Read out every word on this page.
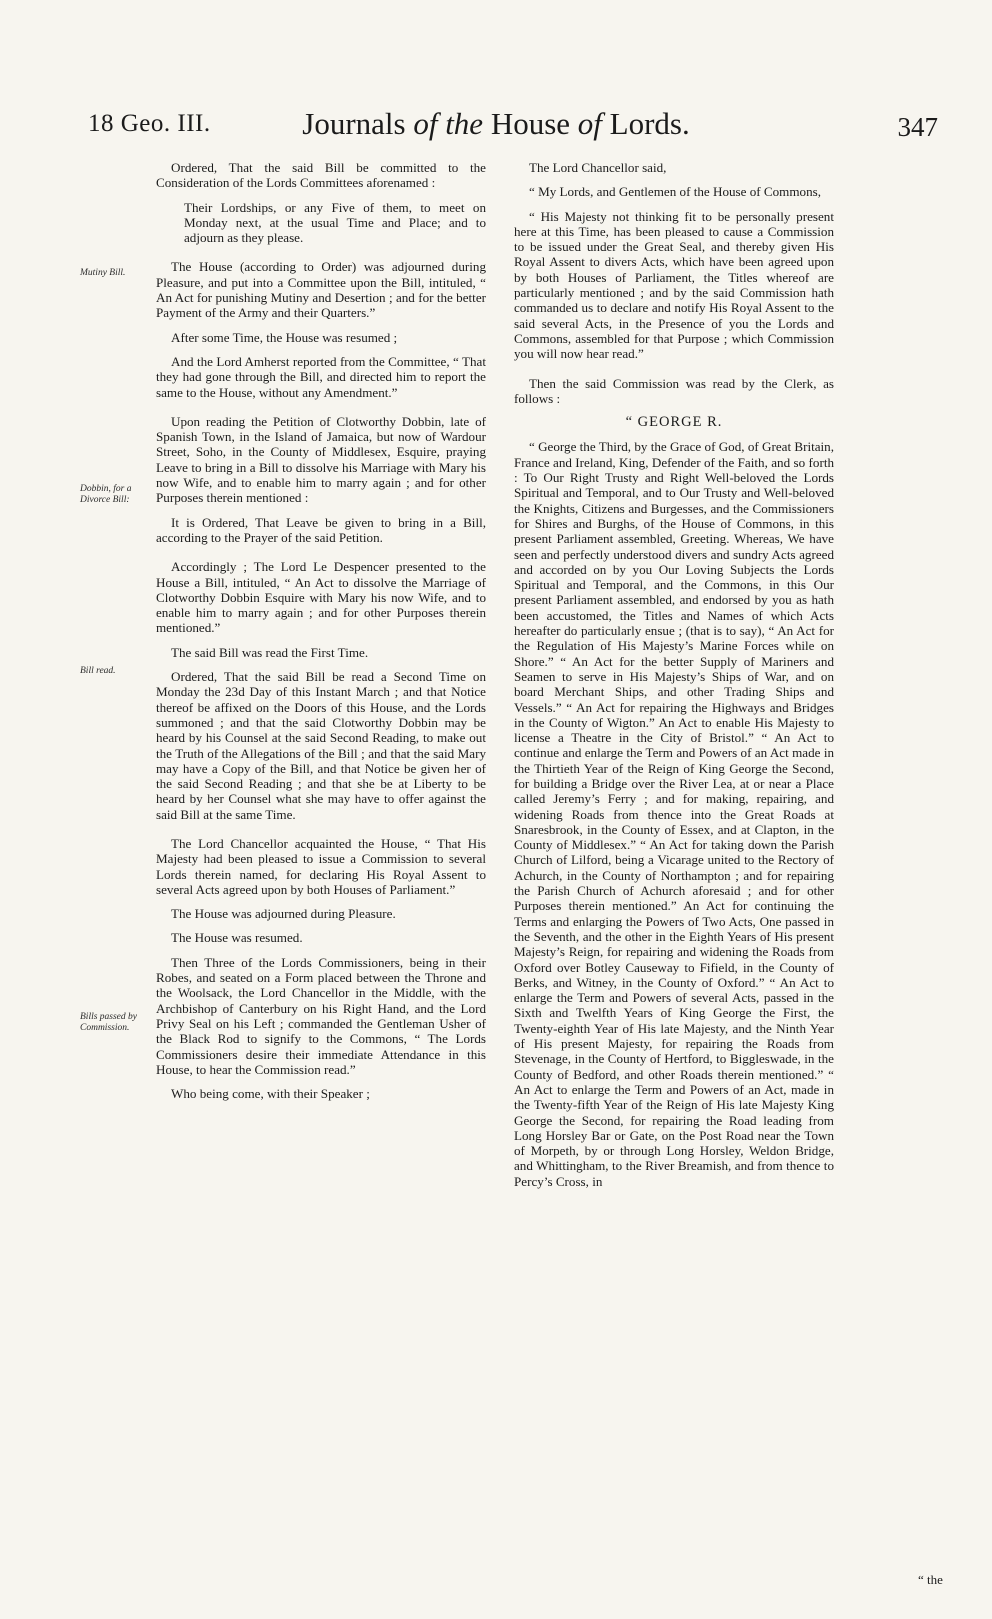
18 Geo. III.	Journals of the House of Lords.	347
Mutiny Bill.
Dobbin, for a Divorce Bill:
Bill read.
Bills passed by Commission.

Ordered, That the said Bill be committed to the Consideration of the Lords Committees aforenamed :

Their Lordships, or any Five of them, to meet on Monday next, at the usual Time and Place; and to adjourn as they please.

The House (according to Order) was adjourned during Pleasure, and put into a Committee upon the Bill, intituled, “ An Act for punishing Mutiny and Desertion ; and for the better Payment of the Army and their Quarters.”

After some Time, the House was resumed ;

And the Lord Amherst reported from the Committee, “ That they had gone through the Bill, and directed him to report the same to the House, without any Amendment.”

Upon reading the Petition of Clotworthy Dobbin, late of Spanish Town, in the Island of Jamaica, but now of Wardour Street, Soho, in the County of Middlesex, Esquire, praying Leave to bring in a Bill to dissolve his Marriage with Mary his now Wife, and to enable him to marry again ; and for other Purposes therein mentioned :

It is Ordered, That Leave be given to bring in a Bill, according to the Prayer of the said Petition.

Accordingly ; The Lord Le Despencer presented to the House a Bill, intituled, “ An Act to dissolve the Marriage of Clotworthy Dobbin Esquire with Mary his now Wife, and to enable him to marry again ; and for other Purposes therein mentioned.”

The said Bill was read the First Time.

Ordered, That the said Bill be read a Second Time on Monday the 23d Day of this Instant March ; and that Notice thereof be affixed on the Doors of this House, and the Lords summoned ; and that the said Clotworthy Dobbin may be heard by his Counsel at the said Second Reading, to make out the Truth of the Allegations of the Bill ; and that the said Mary may have a Copy of the Bill, and that Notice be given her of the said Second Reading ; and that she be at Liberty to be heard by her Counsel what she may have to offer against the said Bill at the same Time.

The Lord Chancellor acquainted the House, “ That His Majesty had been pleased to issue a Commission to several Lords therein named, for declaring His Royal Assent to several Acts agreed upon by both Houses of Parliament.”

The House was adjourned during Pleasure.

The House was resumed.

Then Three of the Lords Commissioners, being in their Robes, and seated on a Form placed between the Throne and the Woolsack, the Lord Chancellor in the Middle, with the Archbishop of Canterbury on his Right Hand, and the Lord Privy Seal on his Left ; commanded the Gentleman Usher of the Black Rod to signify to the Commons, “ The Lords Commissioners desire their immediate Attendance in this House, to hear the Commission read.”

Who being come, with their Speaker ;

The Lord Chancellor said,

“ My Lords, and Gentlemen of the House of Commons,

“ His Majesty not thinking fit to be personally present here at this Time, has been pleased to cause a Commission to be issued under the Great Seal, and thereby given His Royal Assent to divers Acts, which have been agreed upon by both Houses of Parliament, the Titles whereof are particularly mentioned ; and by the said Commission hath commanded us to declare and notify His Royal Assent to the said several Acts, in the Presence of you the Lords and Commons, assembled for that Purpose ; which Commission you will now hear read.”

Then the said Commission was read by the Clerk, as follows :

“ GEORGE R.

“ George the Third, by the Grace of God, of Great Britain, France and Ireland, King, Defender of the Faith, and so forth : To Our Right Trusty and Right Well-beloved the Lords Spiritual and Temporal, and to Our Trusty and Well-beloved the Knights, Citizens and Burgesses, and the Commissioners for Shires and Burghs, of the House of Commons, in this present Parliament assembled, Greeting. Whereas, We have seen and perfectly understood divers and sundry Acts agreed and accorded on by you Our Loving Subjects the Lords Spiritual and Temporal, and the Commons, in this Our present Parliament assembled, and endorsed by you as hath been accustomed, the Titles and Names of which Acts hereafter do particularly ensue ; (that is to say), “ An Act for the Regulation of His Majesty’s Marine Forces while on Shore.” “ An Act for the better Supply of Mariners and Seamen to serve in His Majesty’s Ships of War, and on board Merchant Ships, and other Trading Ships and Vessels.” “ An Act for repairing the Highways and Bridges in the County of Wigton.” An Act to enable His Majesty to license a Theatre in the City of Bristol.” “ An Act to continue and enlarge the Term and Powers of an Act made in the Thirtieth Year of the Reign of King George the Second, for building a Bridge over the River Lea, at or near a Place called Jeremy’s Ferry ; and for making, repairing, and widening Roads from thence into the Great Roads at Snaresbrook, in the County of Essex, and at Clapton, in the County of Middlesex.” “ An Act for taking down the Parish Church of Lilford, being a Vicarage united to the Rectory of Achurch, in the County of Northampton ; and for repairing the Parish Church of Achurch aforesaid ; and for other Purposes therein mentioned.” An Act for continuing the Terms and enlarging the Powers of Two Acts, One passed in the Seventh, and the other in the Eighth Years of His present Majesty’s Reign, for repairing and widening the Roads from Oxford over Botley Causeway to Fifield, in the County of Berks, and Witney, in the County of Oxford.” “ An Act to enlarge the Term and Powers of several Acts, passed in the Sixth and Twelfth Years of King George the First, the Twenty-eighth Year of His late Majesty, and the Ninth Year of His present Majesty, for repairing the Roads from Stevenage, in the County of Hertford, to Biggleswade, in the County of Bedford, and other Roads therein mentioned.” “ An Act to enlarge the Term and Powers of an Act, made in the Twenty-fifth Year of the Reign of His late Majesty King George the Second, for repairing the Road leading from Long Horsley Bar or Gate, on the Post Road near the Town of Morpeth, by or through Long Horsley, Weldon Bridge, and Whittingham, to the River Breamish, and from thence to Percy’s Cross, in

“ the
